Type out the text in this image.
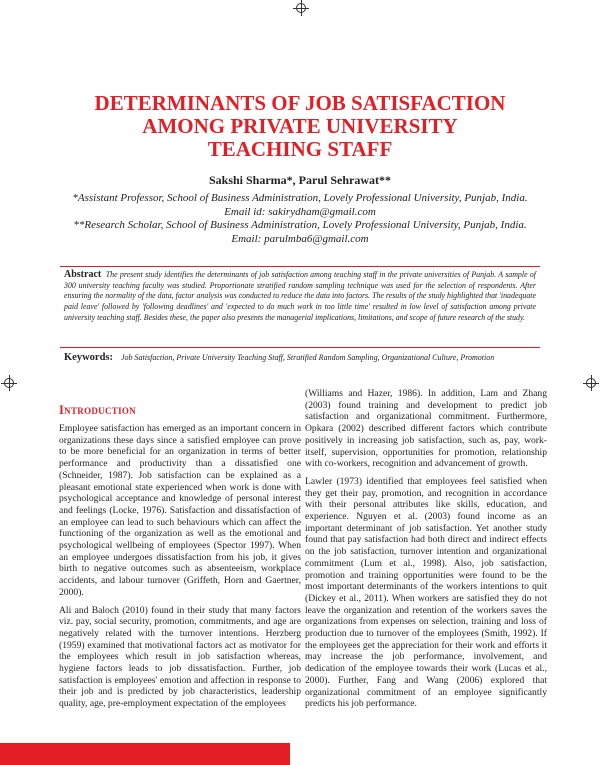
DETERMINANTS OF JOB SATISFACTION
AMONG PRIVATE UNIVERSITY
TEACHING STAFF

Sakshi Sharma*, Parul Sehrawat**

*Assistant Professor, School of Business Administration, Lovely Professional University, Punjab, India.

Email id: sakirydham@gmail.com

**Research Scholar, School of Business Administration, Lovely Professional University, Punjab, India.

Email: parulmba6@gmail.com

Abstract The present study identifies the determinants of job satisfaction among teaching staff in the private universities of Punjab. A sample of 300 university teaching faculty was studied. Proportionate stratified random sampling technique was used for the selection of respondents. After ensuring the normality of the data, factor analysis was conducted to reduce the data into factors. The results of the study highlighted that 'inadequate paid leave' followed by 'following deadlines' and 'expected to do much work in too little time' resulted in low level of satisfaction among private university teaching staff. Besides these, the paper also presents the managerial implications, limitations, and scope of future research of the study.

Keywords: Job Satisfaction, Private University Teaching Staff, Stratified Random Sampling, Organizational Culture, Promotion

Introduction

Employee satisfaction has emerged as an important concern in organizations these days since a satisfied employee can prove to be more beneficial for an organization in terms of better performance and productivity than a dissatisfied one (Schneider, 1987). Job satisfaction can be explained as a pleasant emotional state experienced when work is done with psychological acceptance and knowledge of personal interest and feelings (Locke, 1976). Satisfaction and dissatisfaction of an employee can lead to such behaviours which can affect the functioning of the organization as well as the emotional and psychological wellbeing of employees (Spector 1997). When an employee undergoes dissatisfaction from his job, it gives birth to negative outcomes such as absenteeism, workplace accidents, and labour turnover (Griffeth, Horn and Gaertner, 2000).

Ali and Baloch (2010) found in their study that many factors viz. pay, social security, promotion, commitments, and age are negatively related with the turnover intentions. Herzberg (1959) examined that motivational factors act as motivator for the employees which result in job satisfaction whereas, hygiene factors leads to job dissatisfaction. Further, job satisfaction is employees' emotion and affection in response to their job and is predicted by job characteristics, leadership quality, age, pre-employment expectation of the employees

(Williams and Hazer, 1986). In addition, Lam and Zhang (2003) found training and development to predict job satisfaction and organizational commitment. Furthermore, Opkara (2002) described different factors which contribute positively in increasing job satisfaction, such as, pay, work-itself, supervision, opportunities for promotion, relationship with co-workers, recognition and advancement of growth.

Lawler (1973) identified that employees feel satisfied when they get their pay, promotion, and recognition in accordance with their personal attributes like skills, education, and experience. Nguyen et al. (2003) found income as an important determinant of job satisfaction. Yet another study found that pay satisfaction had both direct and indirect effects on the job satisfaction, turnover intention and organizational commitment (Lum et al., 1998). Also, job satisfaction, promotion and training opportunities were found to be the most important determinants of the workers intentions to quit (Dickey et al., 2011). When workers are satisfied they do not leave the organization and retention of the workers saves the organizations from expenses on selection, training and loss of production due to turnover of the employees (Smith, 1992). If the employees get the appreciation for their work and efforts it may increase the job performance, involvement, and dedication of the employee towards their work (Lucas et al., 2000). Further, Fang and Wang (2006) explored that organizational commitment of an employee significantly predicts his job performance.
